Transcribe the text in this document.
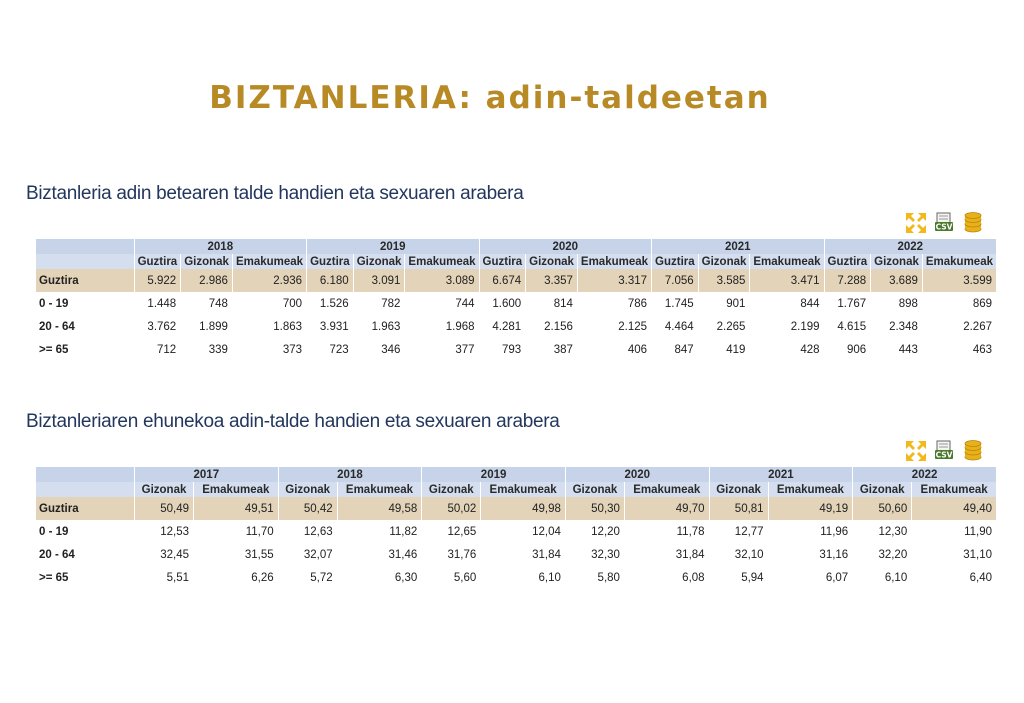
BIZTANLERIA: adin-taldeetan
Biztanleria adin betearen talde handien eta sexuaren arabera
CSV
	2018			2019			2020			2021			2022		
	Guztira	Gizonak	Emakumeak	Guztira	Gizonak	Emakumeak	Guztira	Gizonak	Emakumeak	Guztira	Gizonak	Emakumeak	Guztira	Gizonak	Emakumeak
Guztira	5.922	2.986	2.936	6.180	3.091	3.089	6.674	3.357	3.317	7.056	3.585	3.471	7.288	3.689	3.599
0 - 19	1.448	748	700	1.526	782	744	1.600	814	786	1.745	901	844	1.767	898	869
20 - 64	3.762	1.899	1.863	3.931	1.963	1.968	4.281	2.156	2.125	4.464	2.265	2.199	4.615	2.348	2.267
>= 65	712	339	373	723	346	377	793	387	406	847	419	428	906	443	463
Biztanleriaren ehunekoa adin-talde handien eta sexuaren arabera
CSV
	2017		2018		2019		2020		2021		2022	
	Gizonak	Emakumeak	Gizonak	Emakumeak	Gizonak	Emakumeak	Gizonak	Emakumeak	Gizonak	Emakumeak	Gizonak	Emakumeak
Guztira	50,49	49,51	50,42	49,58	50,02	49,98	50,30	49,70	50,81	49,19	50,60	49,40
0 - 19	12,53	11,70	12,63	11,82	12,65	12,04	12,20	11,78	12,77	11,96	12,30	11,90
20 - 64	32,45	31,55	32,07	31,46	31,76	31,84	32,30	31,84	32,10	31,16	32,20	31,10
>= 65	5,51	6,26	5,72	6,30	5,60	6,10	5,80	6,08	5,94	6,07	6,10	6,40
